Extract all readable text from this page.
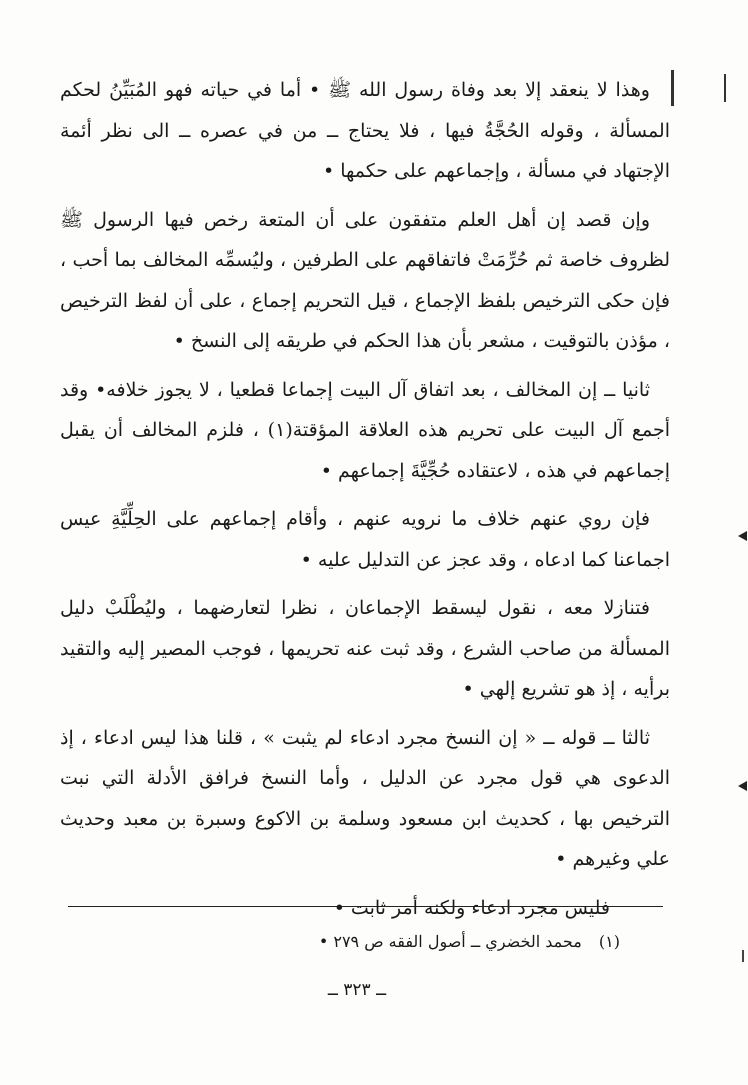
وهذا لا ينعقد إلا بعد وفاة رسول الله ﷺ • أما في حياته فهو المُبَيِّنُ لحكم المسألة ، وقوله الحُجَّةُ فيها ، فلا يحتاج ــ من في عصره ــ الى نظر أئمة الإجتهاد في مسألة ، وإجماعهم على حكمها •

وإن قصد إن أهل العلم متفقون على أن المتعة رخص فيها الرسول ﷺ لظروف خاصة ثم حُرِّمَتْ فاتفاقهم على الطرفين ، وليُسمِّه المخالف بما أحب ، فإن حكى الترخيص بلفظ الإجماع ، قيل التحريم إجماع ، على أن لفظ الترخيص ، مؤذن بالتوقيت ، مشعر بأن هذا الحكم في طريقه إلى النسخ •

ثانيا ــ إن المخالف ، بعد اتفاق آل البيت إجماعا قطعيا ، لا يجوز خلافه• وقد أجمع آل البيت على تحريم هذه العلاقة المؤقتة(١) ، فلزم المخالف أن يقبل إجماعهم في هذه ، لاعتقاده حُجِّيَّةَ إجماعهم •

فإن روي عنهم خلاف ما نرويه عنهم ، وأقام إجماعهم على الحِلِّيَّةِ عيس اجماعنا كما ادعاه ، وقد عجز عن التدليل عليه •

فتنازلا معه ، نقول ليسقط الإجماعان ، نظرا لتعارضهما ، وليُطْلَبْ دليل المسألة من صاحب الشرع ، وقد ثبت عنه تحريمها ، فوجب المصير إليه والتقيد برأيه ، إذ هو تشريع إلهي •

ثالثا ــ قوله ــ « إن النسخ مجرد ادعاء لم يثبت » ، قلنا هذا ليس ادعاء ، إذ الدعوى هي قول مجرد عن الدليل ، وأما النسخ فرافق الأدلة التي نبت الترخيص بها ، كحديث ابن مسعود وسلمة بن الاكوع وسبرة بن معبد وحديث علي وغيرهم •

فليس مجرد ادعاء ولكنه أمر ثابت •

(١) محمد الخضري ــ أصول الفقه ص ٢٧٩ •
ــ ٣٢٣ ــ
